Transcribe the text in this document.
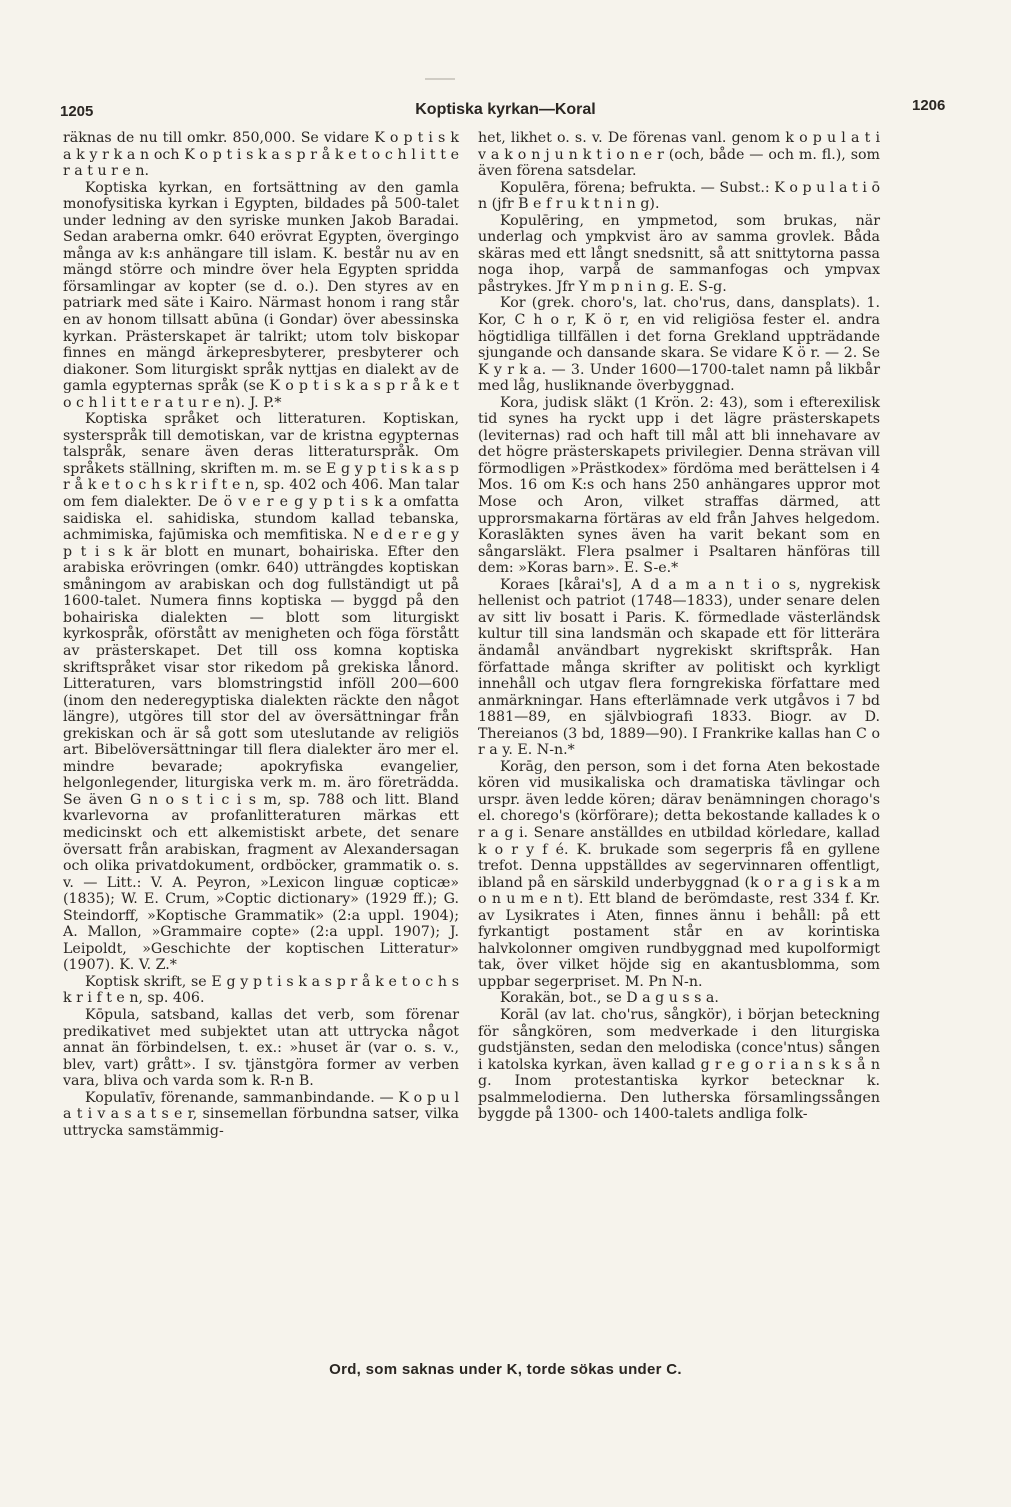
1205	Koptiska kyrkan—Koral	1206

räknas de nu till omkr. 850,000. Se vidare K o p t i s k a k y r k a n och K o p t i s k a s p r å k e t o c h l i t t e r a t u r e n.

Koptiska kyrkan, en fortsättning av den gamla monofysitiska kyrkan i Egypten, bildades på 500-talet under ledning av den syriske munken Jakob Baradai. Sedan araberna omkr. 640 erövrat Egypten, övergingo många av k:s anhängare till islam. K. består nu av en mängd större och mindre över hela Egypten spridda församlingar av kopter (se d. o.). Den styres av en patriark med säte i Kairo. Närmast honom i rang står en av honom tillsatt abūna (i Gondar) över abessinska kyrkan. Prästerskapet är talrikt; utom tolv biskopar finnes en mängd ärkepresbyterer, presbyterer och diakoner. Som liturgiskt språk nyttjas en dialekt av de gamla egypternas språk (se K o p t i s k a s p r å k e t o c h l i t t e r a t u r e n). J. P.*

Koptiska språket och litteraturen. Koptiskan, systerspråk till demotiskan, var de kristna egypternas talspråk, senare även deras litteraturspråk. Om språkets ställning, skriften m. m. se E g y p t i s k a s p r å k e t o c h s k r i f t e n, sp. 402 och 406. Man talar om fem dialekter. De ö v e r e g y p t i s k a omfatta saidiska el. sahidiska, stundom kallad tebanska, achmimiska, fajūmiska och memfitiska. N e d e r e g y p t i s k är blott en munart, bohairiska. Efter den arabiska erövringen (omkr. 640) utträngdes koptiskan småningom av arabiskan och dog fullständigt ut på 1600-talet. Numera finns koptiska — byggd på den bohairiska dialekten — blott som liturgiskt kyrkospråk, oförstått av menigheten och föga förstått av prästerskapet. Det till oss komna koptiska skriftspråket visar stor rikedom på grekiska lånord. Litteraturen, vars blomstringstid inföll 200—600 (inom den nederegyptiska dialekten räckte den något längre), utgöres till stor del av översättningar från grekiskan och är så gott som uteslutande av religiös art. Bibelöversättningar till flera dialekter äro mer el. mindre bevarade; apokryfiska evangelier, helgonlegender, liturgiska verk m. m. äro företrädda. Se även G n o s t i c i s m, sp. 788 och litt. Bland kvarlevorna av profanlitteraturen märkas ett medicinskt och ett alkemistiskt arbete, det senare översatt från arabiskan, fragment av Alexandersagan och olika privatdokument, ordböcker, grammatik o. s. v. — Litt.: V. A. Peyron, »Lexicon linguæ copticæ» (1835); W. E. Crum, »Coptic dictionary» (1929 ff.); G. Steindorff, »Koptische Grammatik» (2:a uppl. 1904); A. Mallon, »Grammaire copte» (2:a uppl. 1907); J. Leipoldt, »Geschichte der koptischen Litteratur» (1907). K. V. Z.*

Koptisk skrift, se E g y p t i s k a s p r å k e t o c h s k r i f t e n, sp. 406.

Kōpula, satsband, kallas det verb, som förenar predikativet med subjektet utan att uttrycka något annat än förbindelsen, t. ex.: »huset är (var o. s. v., blev, vart) grått». I sv. tjänstgöra former av verben vara, bliva och varda som k. R-n B.

Kopulatīv, förenande, sammanbindande. — K o p u l a t i v a s a t s e r, sinsemellan förbundna satser, vilka uttrycka samstämmig-

het, likhet o. s. v. De förenas vanl. genom k o p u l a t i v a k o n j u n k t i o n e r (och, både — och m. fl.), som även förena satsdelar.

Kopulēra, förena; befrukta. — Subst.: K o p u l a t i ō n (jfr B e f r u k t n i n g).

Kopulēring, en ympmetod, som brukas, när underlag och ympkvist äro av samma grovlek. Båda skäras med ett långt snedsnitt, så att snittytorna passa noga ihop, varpå de sammanfogas och ympvax påstrykes. Jfr Y m p n i n g. E. S-g.

Kor (grek. choro's, lat. cho'rus, dans, dansplats). 1. Kor, C h o r, K ö r, en vid religiösa fester el. andra högtidliga tillfällen i det forna Grekland uppträdande sjungande och dansande skara. Se vidare K ö r. — 2. Se K y r k a. — 3. Under 1600—1700-talet namn på likbår med låg, husliknande överbyggnad.

Kora, judisk släkt (1 Krön. 2: 43), som i efterexilisk tid synes ha ryckt upp i det lägre prästerskapets (leviternas) rad och haft till mål att bli innehavare av det högre prästerskapets privilegier. Denna strävan vill förmodligen »Prästkodex» fördöma med berättelsen i 4 Mos. 16 om K:s och hans 250 anhängares uppror mot Mose och Aron, vilket straffas därmed, att upprorsmakarna förtäras av eld från Jahves helgedom. Koraslākten synes även ha varit bekant som en sångarsläkt. Flera psalmer i Psaltaren hänföras till dem: »Koras barn». E. S-e.*

Koraes [kårai's], A d a m a n t i o s, nygrekisk hellenist och patriot (1748—1833), under senare delen av sitt liv bosatt i Paris. K. förmedlade västerländsk kultur till sina landsmän och skapade ett för litterära ändamål användbart nygrekiskt skriftspråk. Han författade många skrifter av politiskt och kyrkligt innehåll och utgav flera forngrekiska författare med anmärkningar. Hans efterlämnade verk utgåvos i 7 bd 1881—89, en självbiografi 1833. Biogr. av D. Thereianos (3 bd, 1889—90). I Frankrike kallas han C o r a y. E. N-n.*

Korāg, den person, som i det forna Aten bekostade kören vid musikaliska och dramatiska tävlingar och urspr. även ledde kören; därav benämningen chorago's el. chorego's (körförare); detta bekostande kallades k o r a g i. Senare anställdes en utbildad körledare, kallad k o r y f é. K. brukade som segerpris få en gyllene trefot. Denna uppställdes av segervinnaren offentligt, ibland på en särskild underbyggnad (k o r a g i s k a m o n u m e n t). Ett bland de berömdaste, rest 334 f. Kr. av Lysikrates i Aten, finnes ännu i behåll: på ett fyrkantigt postament står en av korintiska halvkolonner omgiven rundbyggnad med kupolformigt tak, över vilket höjde sig en akantusblomma, som uppbar segerpriset. M. Pn N-n.

Korakän, bot., se D a g u s s a.

Korāl (av lat. cho'rus, sångkör), i början beteckning för sångkören, som medverkade i den liturgiska gudstjänsten, sedan den melodiska (conce'ntus) sången i katolska kyrkan, även kallad g r e g o r i a n s k s å n g. Inom protestantiska kyrkor betecknar k. psalmmelodierna. Den lutherska församlingssången byggde på 1300- och 1400-talets andliga folk-

Ord, som saknas under K, torde sökas under C.
